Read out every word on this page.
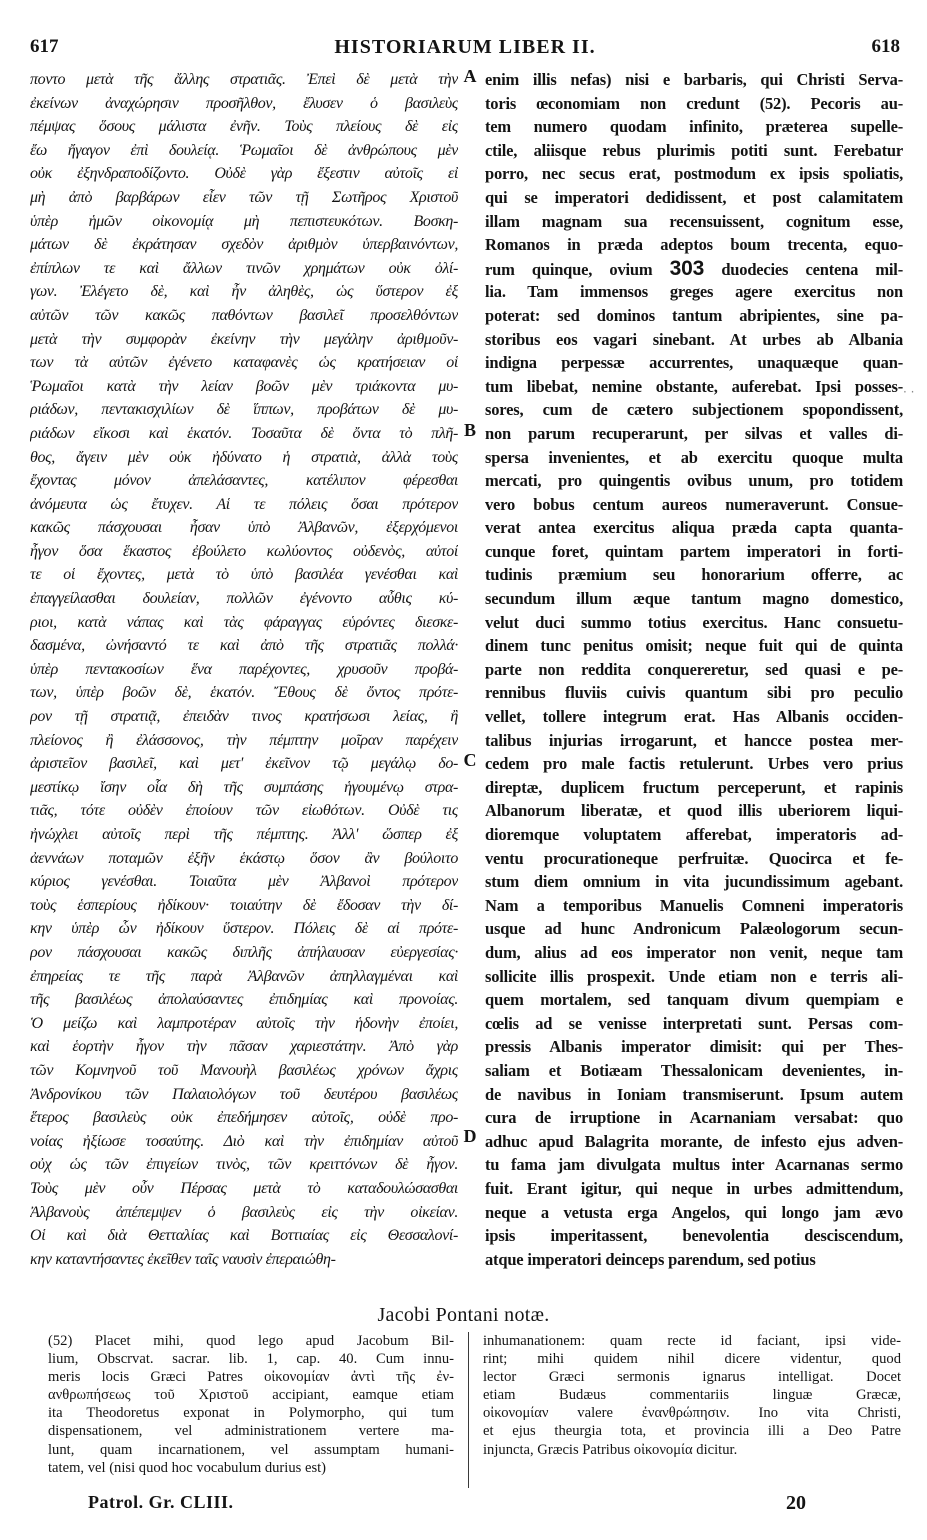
617	HISTORIARUM LIBER II.	618
ποντο μετὰ τῆς ἄλλης στρατιᾶς. Ἐπεὶ δὲ μετὰ τὴν
ἐκείνων ἀναχώρησιν προσῆλθον, ἔλυσεν ὁ βασιλεὺς
πέμψας ὅσους μάλιστα ἐνῆν. Τοὺς πλείους δὲ εἰς
ἔω ἤγαγον ἐπὶ δουλείᾳ. Ῥωμαῖοι δὲ ἀνθρώπους μὲν
οὐκ ἐξηνδραποδίζοντο. Οὐδὲ γὰρ ἔξεστιν αὐτοῖς εἰ
μὴ ἀπὸ βαρβάρων εἶεν τῶν τῇ Σωτῆρος Χριστοῦ
ὑπὲρ ἡμῶν οἰκονομίᾳ μὴ πεπιστευκότων. Βοσκη-
μάτων δὲ ἐκράτησαν σχεδὸν ἀριθμὸν ὑπερβαινόντων,
ἐπίπλων τε καὶ ἄλλων τινῶν χρημάτων οὐκ ὀλί-
γων. Ἐλέγετο δὲ, καὶ ἦν ἀληθὲς, ὡς ὕστερον ἐξ
αὐτῶν τῶν κακῶς παθόντων βασιλεῖ προσελθόντων
μετὰ τὴν συμφορὰν ἐκείνην τὴν μεγάλην ἀριθμοῦν-
των τὰ αὐτῶν ἐγένετο καταφανὲς ὡς κρατήσειαν οἱ
Ῥωμαῖοι κατὰ τὴν λείαν βοῶν μὲν τριάκοντα μυ-
ριάδων, πεντακισχιλίων δὲ ἵππων, προβάτων δὲ μυ-
ριάδων εἴκοσι καὶ ἑκατόν. Τοσαῦτα δὲ ὄντα τὸ πλῆ-
θος, ἄγειν μὲν οὐκ ἠδύνατο ἡ στρατιὰ, ἀλλὰ τοὺς
ἔχοντας μόνον ἀπελάσαντες, κατέλιπον φέρεσθαι
ἀνόμευτα ὡς ἔτυχεν. Αἱ τε πόλεις ὅσαι πρότερον
κακῶς πάσχουσαι ἦσαν ὑπὸ Ἀλβανῶν, ἐξερχόμενοι
ἦγον ὅσα ἕκαστος ἐβούλετο κωλύοντος οὐδενὸς, αὐτοί
τε οἱ ἔχοντες, μετὰ τὸ ὑπὸ βασιλέα γενέσθαι καὶ
ἐπαγγείλασθαι δουλείαν, πολλῶν ἐγένοντο αὖθις κύ-
ριοι, κατὰ νάπας καὶ τὰς φάραγγας εὑρόντες διεσκε-
δασμένα, ὠνήσαντό τε καὶ ἀπὸ τῆς στρατιᾶς πολλά·
ὑπὲρ πεντακοσίων ἕνα παρέχοντες, χρυσοῦν προβά-
των, ὑπὲρ βοῶν δὲ, ἑκατόν. Ἔθους δὲ ὄντος πρότε-
ρον τῇ στρατιᾷ, ἐπειδὰν τινος κρατήσωσι λείας, ἢ
πλείονος ἢ ἐλάσσονος, τὴν πέμπτην μοῖραν παρέχειν
ἀριστεῖον βασιλεῖ, καὶ μετ' ἐκεῖνον τῷ μεγάλῳ δο-
μεστίκῳ ἴσην οἷα δὴ τῆς συμπάσης ἡγουμένῳ στρα-
τιᾶς, τότε οὐδὲν ἐποίουν τῶν εἰωθότων. Οὐδὲ τις
ἠνώχλει αὐτοῖς περὶ τῆς πέμπτης. Ἀλλ' ὥσπερ ἐξ
ἀεννάων ποταμῶν ἐξῆν ἑκάστῳ ὅσον ἂν βούλοιτο
κύριος γενέσθαι. Τοιαῦτα μὲν Ἀλβανοὶ πρότερον
τοὺς ἑσπερίους ἠδίκουν· τοιαύτην δὲ ἔδοσαν τὴν δί-
κην ὑπὲρ ὧν ἠδίκουν ὕστερον. Πόλεις δὲ αἱ πρότε-
ρον πάσχουσαι κακῶς διπλῆς ἀπήλαυσαν εὐεργεσίας·
ἐπηρείας τε τῆς παρὰ Ἀλβανῶν ἀπηλλαγμέναι καὶ
τῆς βασιλέως ἀπολαύσαντες ἐπιδημίας καὶ προνοίας.
Ὁ μείζω καὶ λαμπροτέραν αὐτοῖς τὴν ἡδονὴν ἐποίει,
καὶ ἑορτὴν ἦγον τὴν πᾶσαν χαριεστάτην. Ἀπὸ γὰρ
τῶν Κομνηνοῦ τοῦ Μανουὴλ βασιλέως χρόνων ἄχρις
Ἀνδρονίκου τῶν Παλαιολόγων τοῦ δευτέρου βασιλέως
ἕτερος βασιλεὺς οὐκ ἐπεδήμησεν αὐτοῖς, οὐδὲ προ-
νοίας ἠξίωσε τοσαύτης. Διὸ καὶ τὴν ἐπιδημίαν αὐτοῦ
οὐχ ὡς τῶν ἐπιγείων τινὸς, τῶν κρειττόνων δὲ ἦγον.
Τοὺς μὲν οὖν Πέρσας μετὰ τὸ καταδουλώσασθαι
Ἀλβανοὺς ἀπέπεμψεν ὁ βασιλεὺς εἰς τὴν οἰκείαν.
Οἱ καὶ διὰ Θετταλίας καὶ Βοττιαίας εἰς Θεσσαλονί-
κην καταντήσαντες ἐκεῖθεν ταῖς ναυσὶν ἐπεραιώθη-
enim illis nefas) nisi e barbaris, qui Christi Serva-
toris œconomiam non credunt (52). Pecoris au-
tem numero quodam infinito, præterea supelle-
ctile, aliisque rebus plurimis potiti sunt. Ferebatur
porro, nec secus erat, postmodum ex ipsis spoliatis,
qui se imperatori dedidissent, et post calamitatem
illam magnam sua recensuissent, cognitum esse,
Romanos in præda adeptos boum trecenta, equo-
rum quinque, ovium 303 duodecies centena mil-
lia. Tam immensos greges agere exercitus non
poterat: sed dominos tantum abripientes, sine pa-
storibus eos vagari sinebant. At urbes ab Albania
indigna perpessæ accurrentes, unaquæque quan-
tum libebat, nemine obstante, auferebat. Ipsi posses-
sores, cum de cætero subjectionem spopondissent,
non parum recuperarunt, per silvas et valles di-
spersa invenientes, et ab exercitu quoque multa
mercati, pro quingentis ovibus unum, pro totidem
vero bobus centum aureos numeraverunt. Consue-
verat antea exercitus aliqua præda capta quanta-
cunque foret, quintam partem imperatori in forti-
tudinis præmium seu honorarium offerre, ac
secundum illum æque tantum magno domestico,
velut duci summo totius exercitus. Hanc consuetu-
dinem tunc penitus omisit; neque fuit qui de quinta
parte non reddita conquereretur, sed quasi e pe-
rennibus fluviis cuivis quantum sibi pro peculio
vellet, tollere integrum erat. Has Albanis occiden-
talibus injurias irrogarunt, et hancce postea mer-
cedem pro male factis retulerunt. Urbes vero prius
direptæ, duplicem fructum perceperunt, et rapinis
Albanorum liberatæ, et quod illis uberiorem liqui-
dioremque voluptatem afferebat, imperatoris ad-
ventu procurationeque perfruitæ. Quocirca et fe-
stum diem omnium in vita jucundissimum agebant.
Nam a temporibus Manuelis Comneni imperatoris
usque ad hunc Andronicum Palæologorum secun-
dum, alius ad eos imperator non venit, neque tam
sollicite illis prospexit. Unde etiam non e terris ali-
quem mortalem, sed tanquam divum quempiam e
cœlis ad se venisse interpretati sunt. Persas com-
pressis Albanis imperator dimisit: qui per Thes-
saliam et Botiæam Thessalonicam devenientes, in-
de navibus in Ioniam transmiserunt. Ipsum autem
cura de irruptione in Acarnaniam versabat: quo
adhuc apud Balagrita morante, de infesto ejus adven-
tu fama jam divulgata multus inter Acarnanas sermo
fuit. Erant igitur, qui neque in urbes admittendum,
neque a vetusta erga Angelos, qui longo jam ævo
ipsis imperitassent, benevolentia desciscendum,
atque imperatori deinceps parendum, sed potius
A
B
C
D
· ·
Jacobi Pontani notæ.
(52) Placet mihi, quod lego apud Jacobum Bil-
lium, Obscrvat. sacrar. lib. 1, cap. 40. Cum innu-
meris locis Græci Patres οἰκονομίαν ἀντὶ τῆς ἐν-
ανθρωπήσεως τοῦ Χριστοῦ accipiant, eamque etiam
ita Theodoretus exponat in Polymorpho, qui tum
dispensationem, vel administrationem vertere ma-
lunt, quam incarnationem, vel assumptam humani-
tatem, vel (nisi quod hoc vocabulum durius est)
inhumanationem: quam recte id faciant, ipsi vide-
rint; mihi quidem nihil dicere videntur, quod
lector Græci sermonis ignarus intelligat. Docet
etiam Budæus commentariis linguæ Græcæ,
οἰκονομίαν valere ἐνανθρώπησιν. Ino vita Christi,
et ejus theurgia tota, et provincia illi a Deo Patre
injuncta, Græcis Patribus οἰκονομία dicitur.
Patrol. Gr. CLIII.	20
